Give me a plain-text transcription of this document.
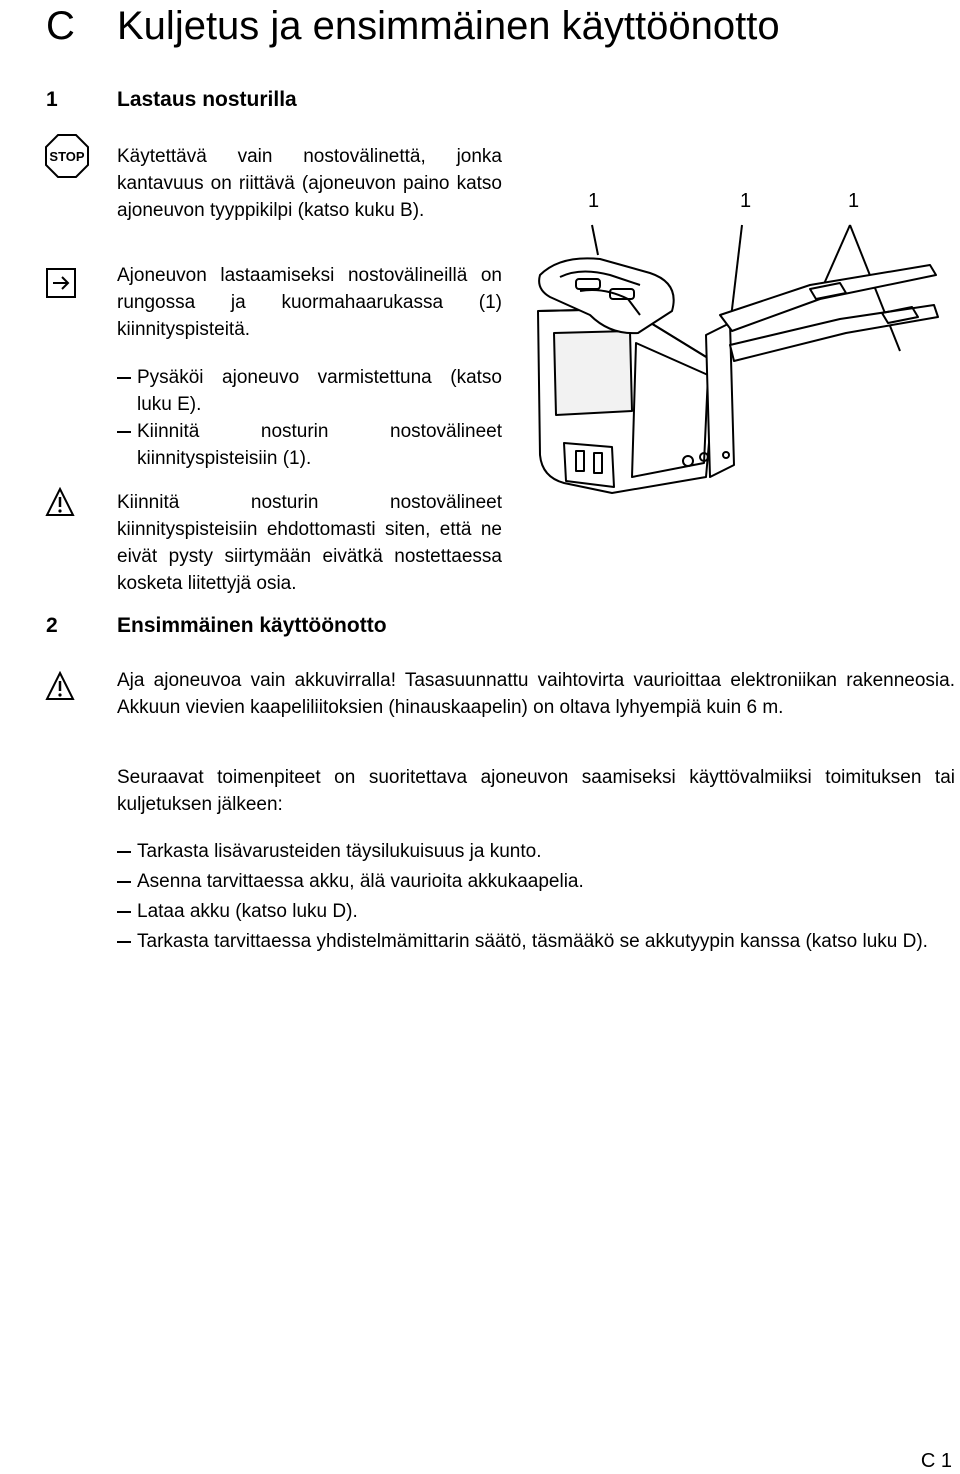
C Kuljetus ja ensimmäinen käyttöönotto
1	Lastaus nosturilla
STOP Käytettävä vain nostovälinettä, jonka kantavuus on riittävä (ajoneuvon paino katso ajoneuvon tyyppikilpi (katso kuku B).
Ajoneuvon lastaamiseksi nostovälineillä on rungossa ja kuormahaarukassa (1) kiinnityspisteitä.
Pysäköi ajoneuvo varmistettuna (katso luku E).
Kiinnitä nosturin nostovälineet kiinnityspisteisiin (1).
Kiinnitä nosturin nostovälineet kiinnityspisteisiin ehdottomasti siten, että ne eivät pysty siirtymään eivätkä nostettaessa kosketa liitettyjä osia.
1	1	1
2	Ensimmäinen käyttöönotto
Aja ajoneuvoa vain akkuvirralla! Tasasuunnattu vaihtovirta vaurioittaa elektroniikan rakenneosia. Akkuun vievien kaapeliliitoksien (hinauskaapelin) on oltava lyhyempiä kuin 6 m.
Seuraavat toimenpiteet on suoritettava ajoneuvon saamiseksi käyttövalmiiksi toimituksen tai kuljetuksen jälkeen:
Tarkasta lisävarusteiden täysilukuisuus ja kunto.
Asenna tarvittaessa akku, älä vaurioita akkukaapelia.
Lataa akku (katso luku D).
Tarkasta tarvittaessa yhdistelmämittarin säätö, täsmääkö se akkutyypin kanssa (katso luku D).
C 1
